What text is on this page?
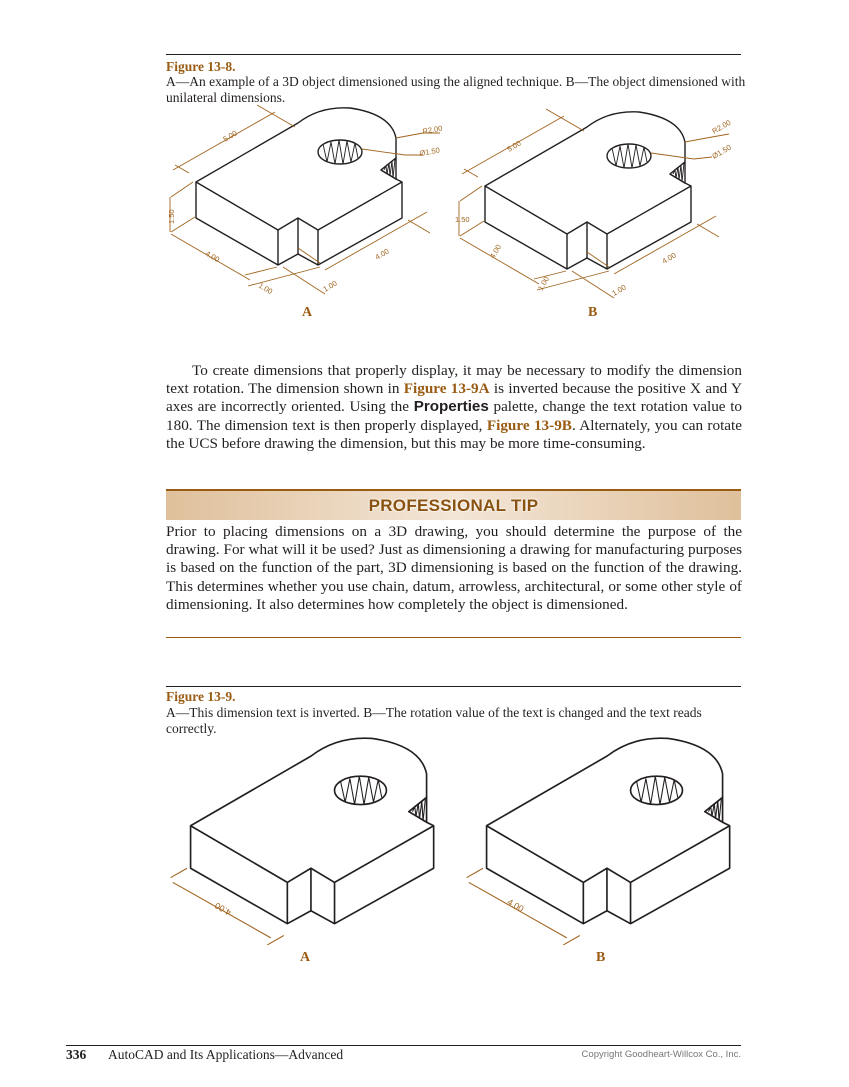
Figure 13-8.
A—An example of a 3D object dimensioned using the aligned technique. B—The object dimensioned with unilateral dimensions.
5.00
1.50
4.00
1.00	1.00
4.00
R2.00
Ø1.50	5.00
1.50
4.00
1.00	1.00
4.00
R2.00
Ø1.50
4.00	4.00
A	B
To create dimensions that properly display, it may be necessary to modify the dimension text rotation. The dimension shown in Figure 13-9A is inverted because the positive X and Y axes are incorrectly oriented. Using the Properties palette, change the text rotation value to 180. The dimension text is then properly displayed, Figure 13-9B. Alternately, you can rotate the UCS before drawing the dimension, but this may be more time-consuming.
PROFESSIONAL TIP
Prior to placing dimensions on a 3D drawing, you should determine the purpose of the drawing. For what will it be used? Just as dimensioning a drawing for manufacturing purposes is based on the function of the part, 3D dimensioning is based on the function of the drawing. This determines whether you use chain, datum, arrowless, architectural, or some other style of dimensioning. It also determines how completely the object is dimensioned.
Figure 13-9.
A—This dimension text is inverted. B—The rotation value of the text is changed and the text reads correctly.
A	B
336 AutoCAD and Its Applications—Advanced	Copyright Goodheart-Willcox Co., Inc.
